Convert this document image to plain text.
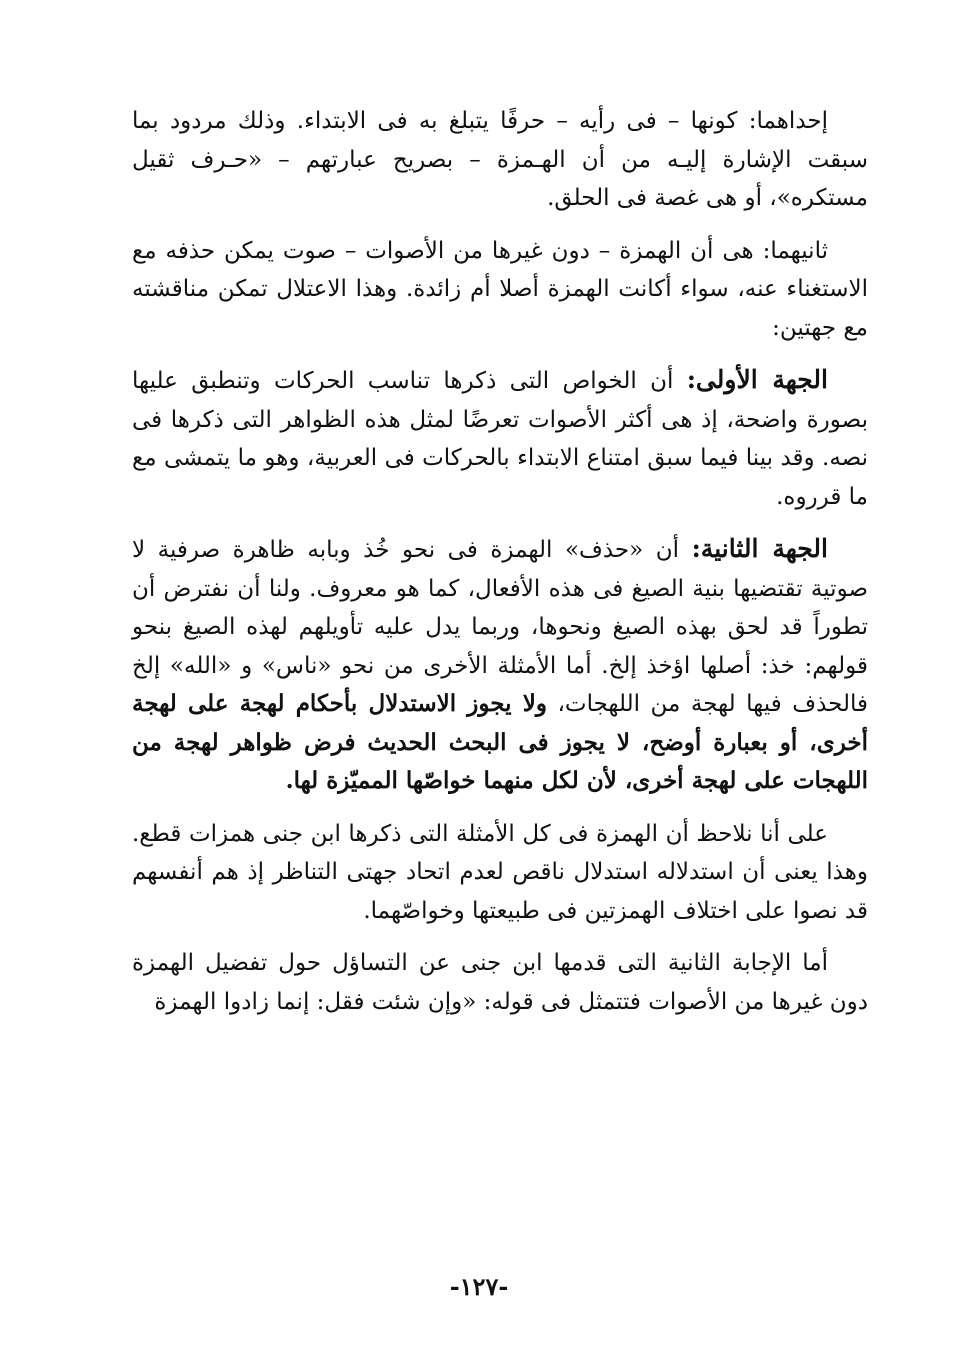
إحداهما: كونها – فى رأيه – حرفًا يتبلغ به فى الابتداء. وذلك مردود بما سبقت الإشارة إليـه من أن الهـمزة – بصريح عبارتهم – «حـرف ثقيل مستكره»، أو هى غصة فى الحلق.

ثانيهما: هى أن الهمزة – دون غيرها من الأصوات – صوت يمكن حذفه مع الاستغناء عنه، سواء أكانت الهمزة أصلا أم زائدة. وهذا الاعتلال تمكن مناقشته مع جهتين:

الجهة الأولى: أن الخواص التى ذكرها تناسب الحركات وتنطبق عليها بصورة واضحة، إذ هى أكثر الأصوات تعرضًا لمثل هذه الظواهر التى ذكرها فى نصه. وقد بينا فيما سبق امتناع الابتداء بالحركات فى العربية، وهو ما يتمشى مع ما قرروه.

الجهة الثانية: أن «حذف» الهمزة فى نحو خُذ وبابه ظاهرة صرفية لا صوتية تقتضيها بنية الصيغ فى هذه الأفعال، كما هو معروف. ولنا أن نفترض أن تطوراً قد لحق بهذه الصيغ ونحوها، وربما يدل عليه تأويلهم لهذه الصيغ بنحو قولهم: خذ: أصلها اؤخذ إلخ. أما الأمثلة الأخرى من نحو «ناس» و «الله» إلخ فالحذف فيها لهجة من اللهجات، ولا يجوز الاستدلال بأحكام لهجة على لهجة أخرى، أو بعبارة أوضح، لا يجوز فى البحث الحديث فرض ظواهر لهجة من اللهجات على لهجة أخرى، لأن لكل منهما خواصّها المميّزة لها.

على أنا نلاحظ أن الهمزة فى كل الأمثلة التى ذكرها ابن جنى همزات قطع. وهذا يعنى أن استدلاله استدلال ناقص لعدم اتحاد جهتى التناظر إذ هم أنفسهم قد نصوا على اختلاف الهمزتين فى طبيعتها وخواصّهما.

أما الإجابة الثانية التى قدمها ابن جنى عن التساؤل حول تفضيل الهمزة دون غيرها من الأصوات فتتمثل فى قوله: «وإن شئت فقل: إنما زادوا الهمزة

-١٢٧-
